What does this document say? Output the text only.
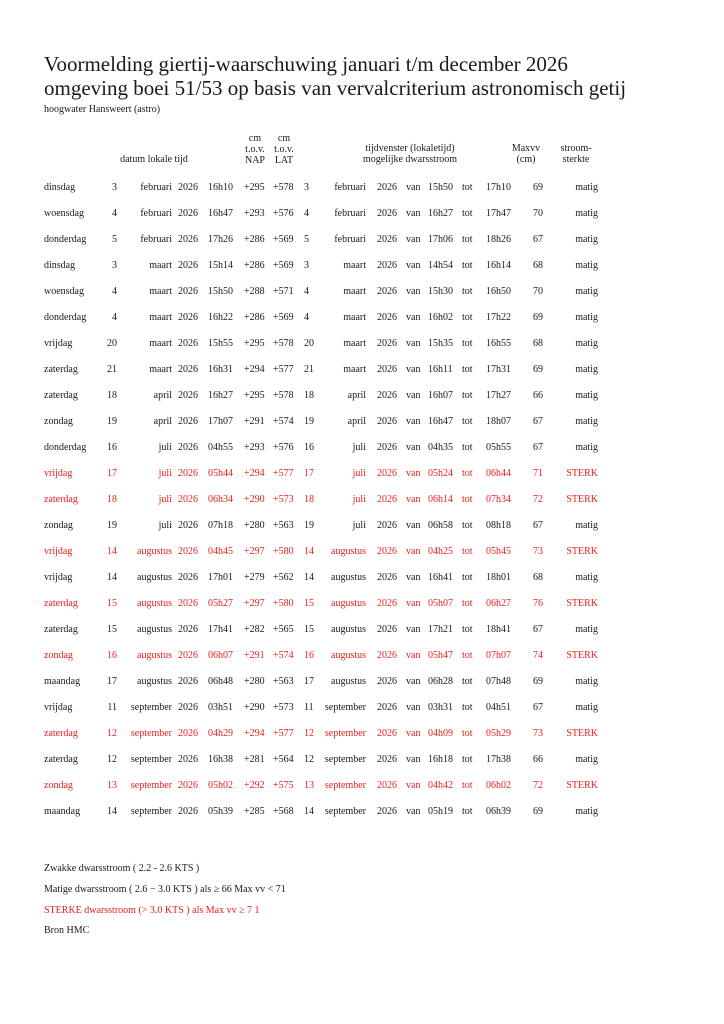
Voormelding giertij-waarschuwing januari t/m december 2026
omgeving boei 51/53 op basis van vervalcriterium astronomisch getij
hoogwater Hansweert (astro)
datum lokale tijd
cm
t.o.v.
NAP
cm
t.o.v.
LAT
tijdvenster (lokaletijd)
mogelijke dwarsstroom
Maxvv
(cm)
stroom-
sterkte
dinsdag	3	februari 2026	16h10	+295 +578	3	februari 2026 van 15h50 tot	17h10	69	matig
woensdag	4	februari 2026	16h47	+293 +576	4	februari 2026 van 16h27 tot	17h47	70	matig
donderdag	5	februari 2026	17h26	+286 +569	5	februari 2026 van 17h06 tot	18h26	67	matig
dinsdag	3	maart 2026	15h14	+286 +569	3	maart 2026 van 14h54 tot	16h14	68	matig
woensdag	4	maart 2026	15h50	+288 +571	4	maart 2026 van 15h30 tot	16h50	70	matig
donderdag	4	maart 2026	16h22	+286 +569	4	maart 2026 van 16h02 tot	17h22	69	matig
vrijdag	20	maart 2026	15h55	+295 +578	20	maart 2026 van 15h35 tot	16h55	68	matig
zaterdag	21	maart 2026	16h31	+294 +577	21	maart 2026 van 16h11 tot	17h31	69	matig
zaterdag	18	april 2026	16h27	+295 +578	18	april 2026 van 16h07 tot	17h27	66	matig
zondag	19	april 2026	17h07	+291 +574	19	april 2026 van 16h47 tot	18h07	67	matig
donderdag	16	juli 2026	04h55	+293 +576	16	juli 2026 van 04h35 tot	05h55	67	matig
vrijdag	17	juli 2026	05h44	+294 +577	17	juli 2026 van 05h24 tot	06h44	71	STERK
zaterdag	18	juli 2026	06h34	+290 +573	18	juli 2026 van 06h14 tot	07h34	72	STERK
zondag	19	juli 2026	07h18	+280 +563	19	juli 2026 van 06h58 tot	08h18	67	matig
vrijdag	14	augustus 2026	04h45	+297 +580	14	augustus 2026 van 04h25 tot	05h45	73	STERK
vrijdag	14	augustus 2026	17h01	+279 +562	14	augustus 2026 van 16h41 tot	18h01	68	matig
zaterdag	15	augustus 2026	05h27	+297 +580	15	augustus 2026 van 05h07 tot	06h27	76	STERK
zaterdag	15	augustus 2026	17h41	+282 +565	15	augustus 2026 van 17h21 tot	18h41	67	matig
zondag	16	augustus 2026	06h07	+291 +574	16	augustus 2026 van 05h47 tot	07h07	74	STERK
maandag	17	augustus 2026	06h48	+280 +563	17	augustus 2026 van 06h28 tot	07h48	69	matig
vrijdag	11	september 2026	03h51	+290 +573	11	september 2026 van 03h31 tot	04h51	67	matig
zaterdag	12	september 2026	04h29	+294 +577	12	september 2026 van 04h09 tot	05h29	73	STERK
zaterdag	12	september 2026	16h38	+281 +564	12	september 2026 van 16h18 tot	17h38	66	matig
zondag	13	september 2026	05h02	+292 +575	13	september 2026 van 04h42 tot	06h02	72	STERK
maandag	14	september 2026	05h39	+285 +568	14	september 2026 van 05h19 tot	06h39	69	matig
Zwakke dwarsstroom ( 2.2 - 2.6 KTS )
Matige dwarsstroom ( 2.6 − 3.0 KTS ) als ≥ 66 Max vv < 71
STERKE dwarsstroom (> 3.0 KTS ) als Max vv ≥ 7 1
Bron HMC
